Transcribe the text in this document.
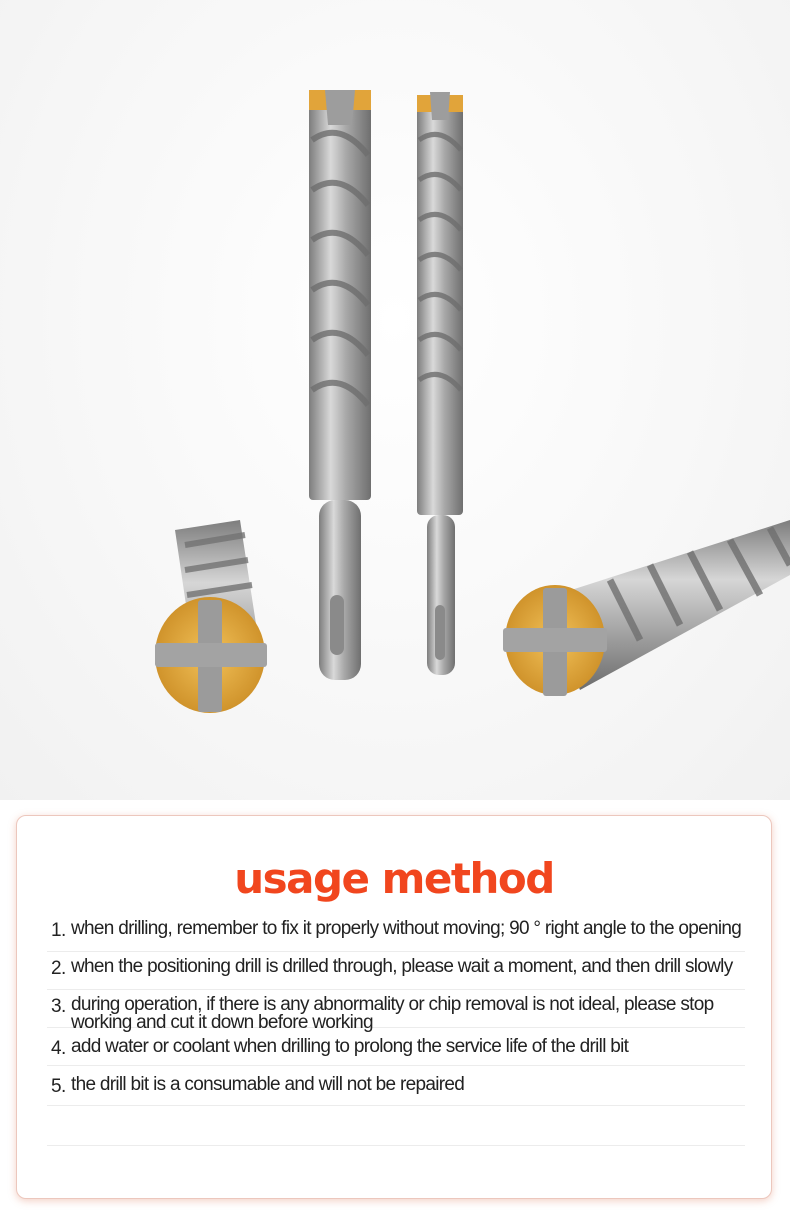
usage method
1. when drilling, remember to fix it properly without moving; 90 ° right angle to the opening
2. when the positioning drill is drilled through, please wait a moment, and then drill slowly
3. during operation, if there is any abnormality or chip removal is not ideal, please stop working and cut it down before working
4. add water or coolant when drilling to prolong the service life of the drill bit
5. the drill bit is a consumable and will not be repaired
